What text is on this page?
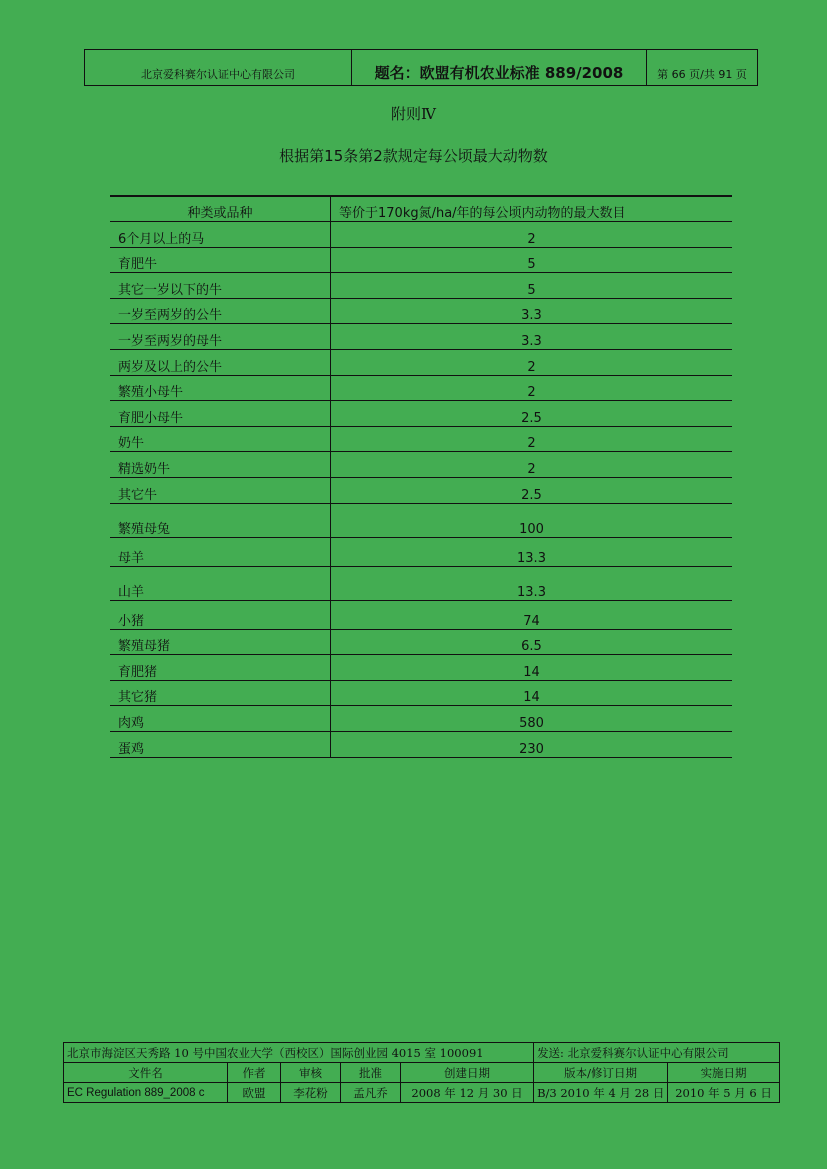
北京爱科赛尔认证中心有限公司	题名：欧盟有机农业标准 889/2008	第 66 页/共 91 页
附则Ⅳ
根据第15条第2款规定每公顷最大动物数
种类或品种	等价于170kg氮/ha/年的每公顷内动物的最大数目
6个月以上的马	2
育肥牛	5
其它一岁以下的牛	5
一岁至两岁的公牛	3.3
一岁至两岁的母牛	3.3
两岁及以上的公牛	2
繁殖小母牛	2
育肥小母牛	2.5
奶牛	2
精选奶牛	2
其它牛	2.5
繁殖母兔	100
母羊	13.3
山羊	13.3
小猪	74
繁殖母猪	6.5
育肥猪	14
其它猪	14
肉鸡	580
蛋鸡	230
北京市海淀区天秀路 10 号中国农业大学（西校区）国际创业园 4015 室 100091					发送: 北京爱科赛尔认证中心有限公司	
文件名	作者	审核	批准	创建日期	版本/修订日期	实施日期
EC Regulation 889_2008 c	欧盟	李花粉	孟凡乔	2008 年 12 月 30 日	B/3 2010 年 4 月 28 日	2010 年 5 月 6 日
